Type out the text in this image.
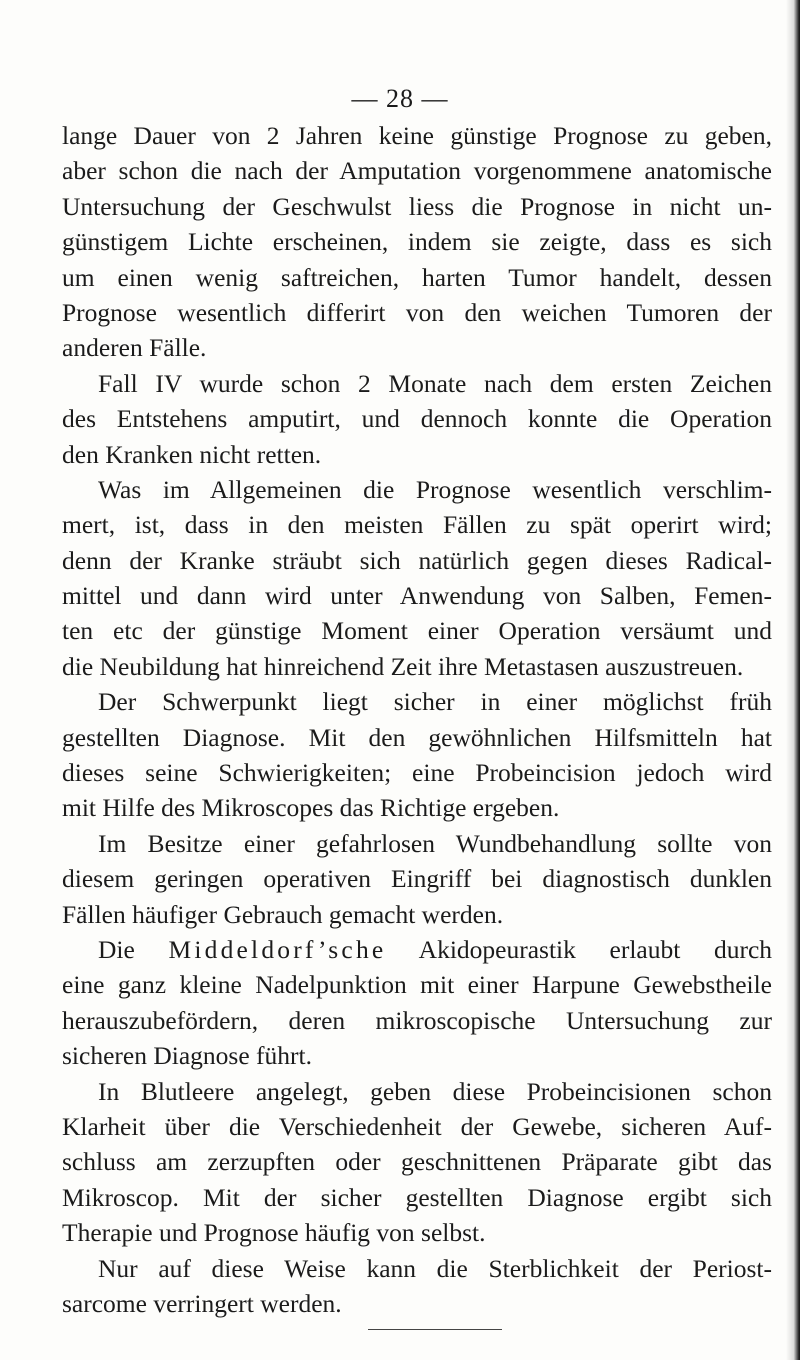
— 28 —
lange Dauer von 2 Jahren keine günstige Prognose zu geben,
aber schon die nach der Amputation vorgenommene anatomische
Untersuchung der Geschwulst liess die Prognose in nicht un-
günstigem Lichte erscheinen, indem sie zeigte, dass es sich
um einen wenig saftreichen, harten Tumor handelt, dessen
Prognose wesentlich differirt von den weichen Tumoren der
anderen Fälle.
Fall IV wurde schon 2 Monate nach dem ersten Zeichen
des Entstehens amputirt, und dennoch konnte die Operation
den Kranken nicht retten.
Was im Allgemeinen die Prognose wesentlich verschlim-
mert, ist, dass in den meisten Fällen zu spät operirt wird;
denn der Kranke sträubt sich natürlich gegen dieses Radical-
mittel und dann wird unter Anwendung von Salben, Femen-
ten etc der günstige Moment einer Operation versäumt und
die Neubildung hat hinreichend Zeit ihre Metastasen auszustreuen.
Der Schwerpunkt liegt sicher in einer möglichst früh
gestellten Diagnose. Mit den gewöhnlichen Hilfsmitteln hat
dieses seine Schwierigkeiten; eine Probeincision jedoch wird
mit Hilfe des Mikroscopes das Richtige ergeben.
Im Besitze einer gefahrlosen Wundbehandlung sollte von
diesem geringen operativen Eingriff bei diagnostisch dunklen
Fällen häufiger Gebrauch gemacht werden.
Die Middeldorf’sche Akidopeurastik erlaubt durch
eine ganz kleine Nadelpunktion mit einer Harpune Gewebstheile
herauszubefördern, deren mikroscopische Untersuchung zur
sicheren Diagnose führt.
In Blutleere angelegt, geben diese Probeincisionen schon
Klarheit über die Verschiedenheit der Gewebe, sicheren Auf-
schluss am zerzupften oder geschnittenen Präparate gibt das
Mikroscop. Mit der sicher gestellten Diagnose ergibt sich
Therapie und Prognose häufig von selbst.
Nur auf diese Weise kann die Sterblichkeit der Periost-
sarcome verringert werden.
